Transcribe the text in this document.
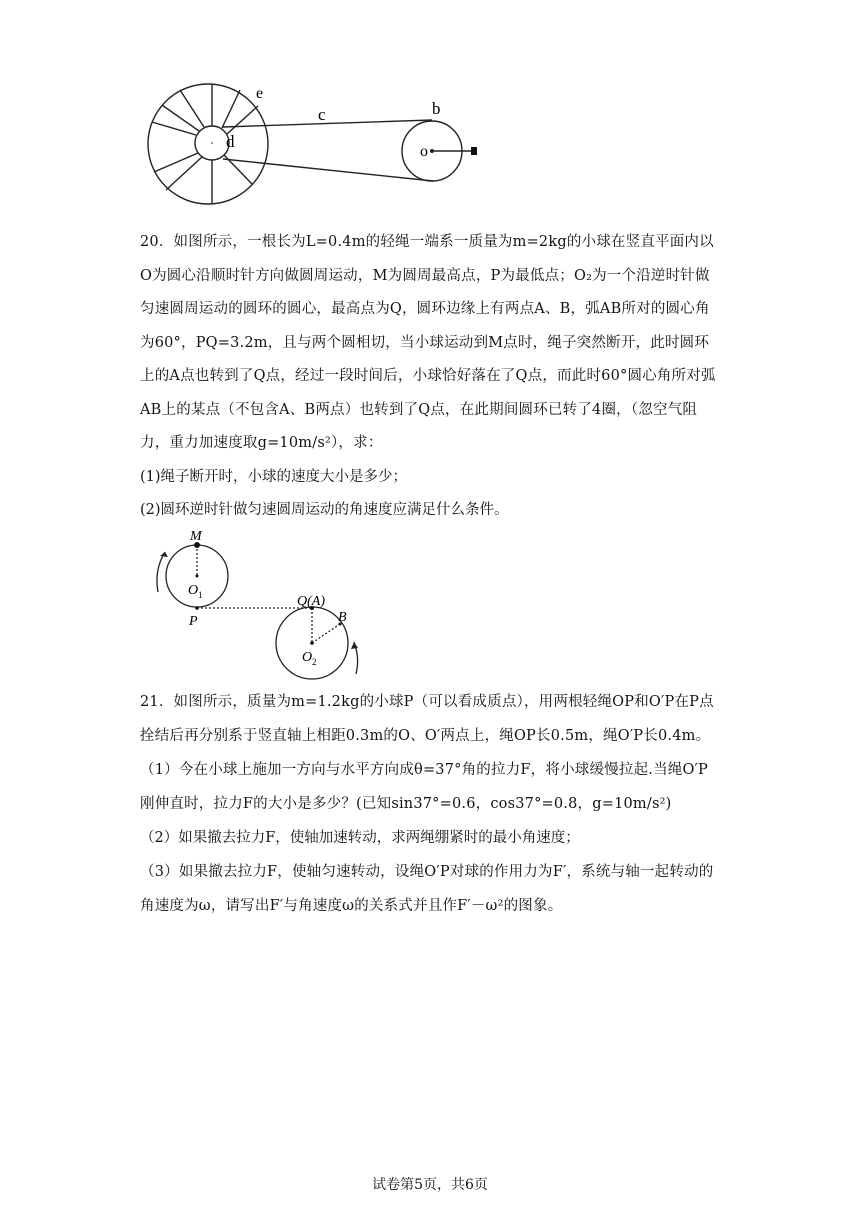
e
c	b
d
o
20．如图所示，一根长为L=0.4m的轻绳一端系一质量为m=2kg的小球在竖直平面内以O为圆心沿顺时针方向做圆周运动，M为圆周最高点，P为最低点；O₂为一个沿逆时针做匀速圆周运动的圆环的圆心，最高点为Q，圆环边缘上有两点A、B，弧AB所对的圆心角为60°，PQ=3.2m，且与两个圆相切，当小球运动到M点时，绳子突然断开，此时圆环上的A点也转到了Q点，经过一段时间后，小球恰好落在了Q点，而此时60°圆心角所对弧AB上的某点（不包含A、B两点）也转到了Q点，在此期间圆环已转了4圈，（忽空气阻力，重力加速度取g=10m/s²），求：
(1)绳子断开时，小球的速度大小是多少；
(2)圆环逆时针做匀速圆周运动的角速度应满足什么条件。
M
O 1
P
Q(A)
B
O 2
21．如图所示，质量为m=1.2kg的小球P（可以看成质点），用两根轻绳OP和O′P在P点拴结后再分别系于竖直轴上相距0.3m的O、O′两点上，绳OP长0.5m，绳O′P长0.4m。
（1）今在小球上施加一方向与水平方向成θ=37°角的拉力F，将小球缓慢拉起.当绳O′P刚伸直时，拉力F的大小是多少？(已知sin37°=0.6，cos37°=0.8，g=10m/s²)
（2）如果撤去拉力F，使轴加速转动，求两绳绷紧时的最小角速度；
（3）如果撤去拉力F，使轴匀速转动，设绳O′P对球的作用力为F′，系统与轴一起转动的角速度为ω，请写出F′与角速度ω的关系式并且作F′－ω²的图象。
试卷第5页，共6页
